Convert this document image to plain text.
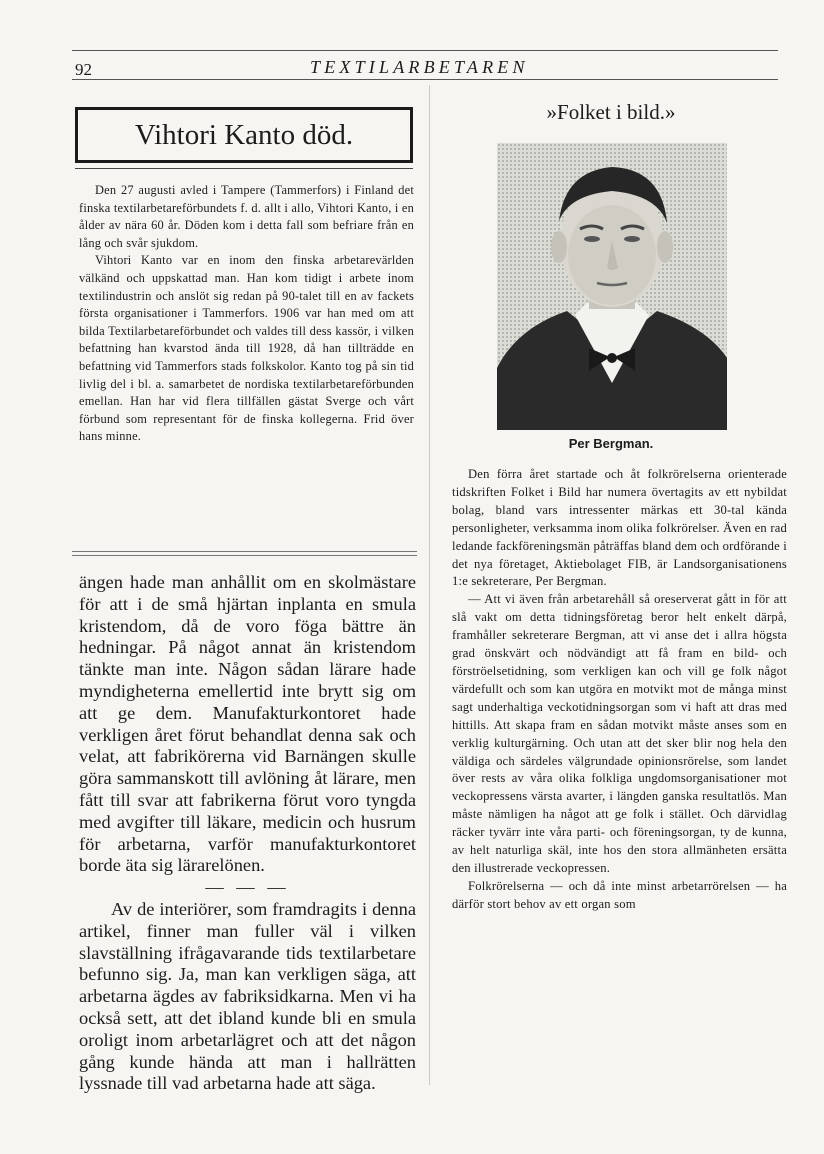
92	TEXTILARBETAREN
Vihtori Kanto död.

Den 27 augusti avled i Tampere (Tammerfors) i Finland det finska textilarbetareförbundets f. d. allt i allo, Vihtori Kanto, i en ålder av nära 60 år. Döden kom i detta fall som befriare från en lång och svår sjukdom.

Vihtori Kanto var en inom den finska arbetarevärlden välkänd och uppskattad man. Han kom tidigt i arbete inom textilindustrin och anslöt sig redan på 90-talet till en av fackets första organisationer i Tammerfors. 1906 var han med om att bilda Textilarbetareförbundet och valdes till dess kassör, i vilken befattning han kvarstod ända till 1928, då han tillträdde en befattning vid Tammerfors stads folkskolor. Kanto tog på sin tid livlig del i bl. a. samarbetet de nordiska textilarbetareförbunden emellan. Han har vid flera tillfällen gästat Sverge och vårt förbund som representant för de finska kollegerna. Frid över hans minne.

ängen hade man anhållit om en skolmästare för att i de små hjärtan inplanta en smula kristendom, då de voro föga bättre än hedningar. På något annat än kristendom tänkte man inte. Någon sådan lärare hade myndigheterna emellertid inte brytt sig om att ge dem. Manufakturkontoret hade verkligen året förut behandlat denna sak och velat, att fabrikörerna vid Barnängen skulle göra sammanskott till avlöning åt lärare, men fått till svar att fabrikerna förut voro tyngda med avgifter till läkare, medicin och husrum för arbetarna, varför manufakturkontoret borde äta sig lärarelönen.

— — —

Av de interiörer, som framdragits i denna artikel, finner man fuller väl i vilken slavställning ifrågavarande tids textilarbetare befunno sig. Ja, man kan verkligen säga, att arbetarna ägdes av fabriksidkarna. Men vi ha också sett, att det ibland kunde bli en smula oroligt inom arbetarlägret och att det någon gång kunde hända att man i hallrätten lyssnade till vad arbetarna hade att säga.

»Folket i bild.»
Per Bergman.

Den förra året startade och åt folkrörelserna orienterade tidskriften Folket i Bild har numera övertagits av ett nybildat bolag, bland vars intressenter märkas ett 30-tal kända personligheter, verksamma inom olika folkrörelser. Även en rad ledande fackföreningsmän påträffas bland dem och ordförande i det nya företaget, Aktiebolaget FIB, är Landsorganisationens 1:e sekreterare, Per Bergman.

— Att vi även från arbetarehåll så oreserverat gått in för att slå vakt om detta tidningsföretag beror helt enkelt därpå, framhåller sekreterare Bergman, att vi anse det i allra högsta grad önskvärt och nödvändigt att få fram en bild- och förströelsetidning, som verkligen kan och vill ge folk något värdefullt och som kan utgöra en motvikt mot de många minst sagt underhaltiga veckotidningsorgan som vi haft att dras med hittills. Att skapa fram en sådan motvikt måste anses som en verklig kulturgärning. Och utan att det sker blir nog hela den väldiga och särdeles välgrundade opinionsrörelse, som landet över rests av våra olika folkliga ungdomsorganisationer mot veckopressens värsta avarter, i längden ganska resultatlös. Man måste nämligen ha något att ge folk i stället. Och därvidlag räcker tyvärr inte våra parti- och föreningsorgan, ty de kunna, av helt naturliga skäl, inte hos den stora allmänheten ersätta den illustrerade veckopressen.

Folkrörelserna — och då inte minst arbetarrörelsen — ha därför stort behov av ett organ som
